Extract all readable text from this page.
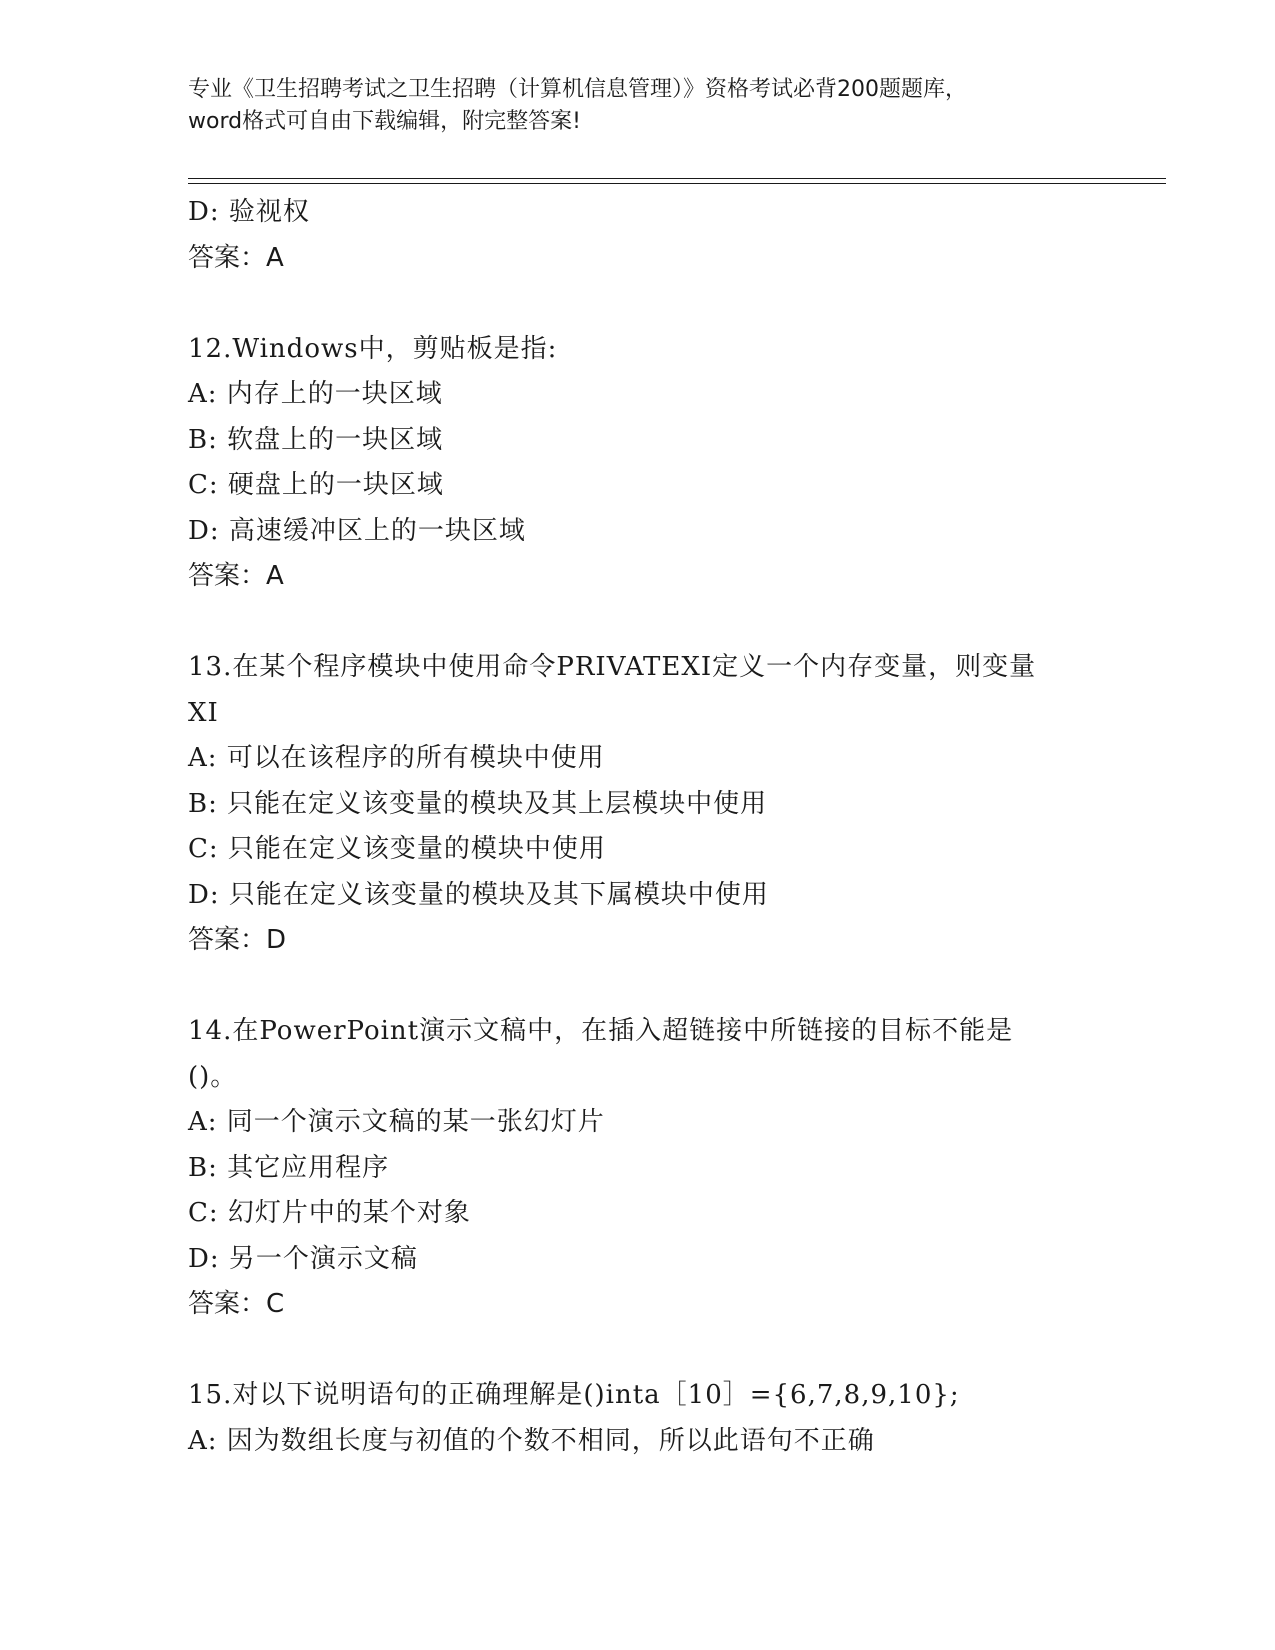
专业《卫生招聘考试之卫生招聘（计算机信息管理）》资格考试必背200题题库，
word格式可自由下载编辑，附完整答案!
D: 验视权
答案：A
12.Windows中，剪贴板是指:
A: 内存上的一块区域
B: 软盘上的一块区域
C: 硬盘上的一块区域
D: 高速缓冲区上的一块区域
答案：A
13.在某个程序模块中使用命令PRIVATEXI定义一个内存变量，则变量
XI
A: 可以在该程序的所有模块中使用
B: 只能在定义该变量的模块及其上层模块中使用
C: 只能在定义该变量的模块中使用
D: 只能在定义该变量的模块及其下属模块中使用
答案：D
14.在PowerPoint演示文稿中，在插入超链接中所链接的目标不能是
()。
A: 同一个演示文稿的某一张幻灯片
B: 其它应用程序
C: 幻灯片中的某个对象
D: 另一个演示文稿
答案：C
15.对以下说明语句的正确理解是()inta［10］={6,7,8,9,10};
A: 因为数组长度与初值的个数不相同，所以此语句不正确
